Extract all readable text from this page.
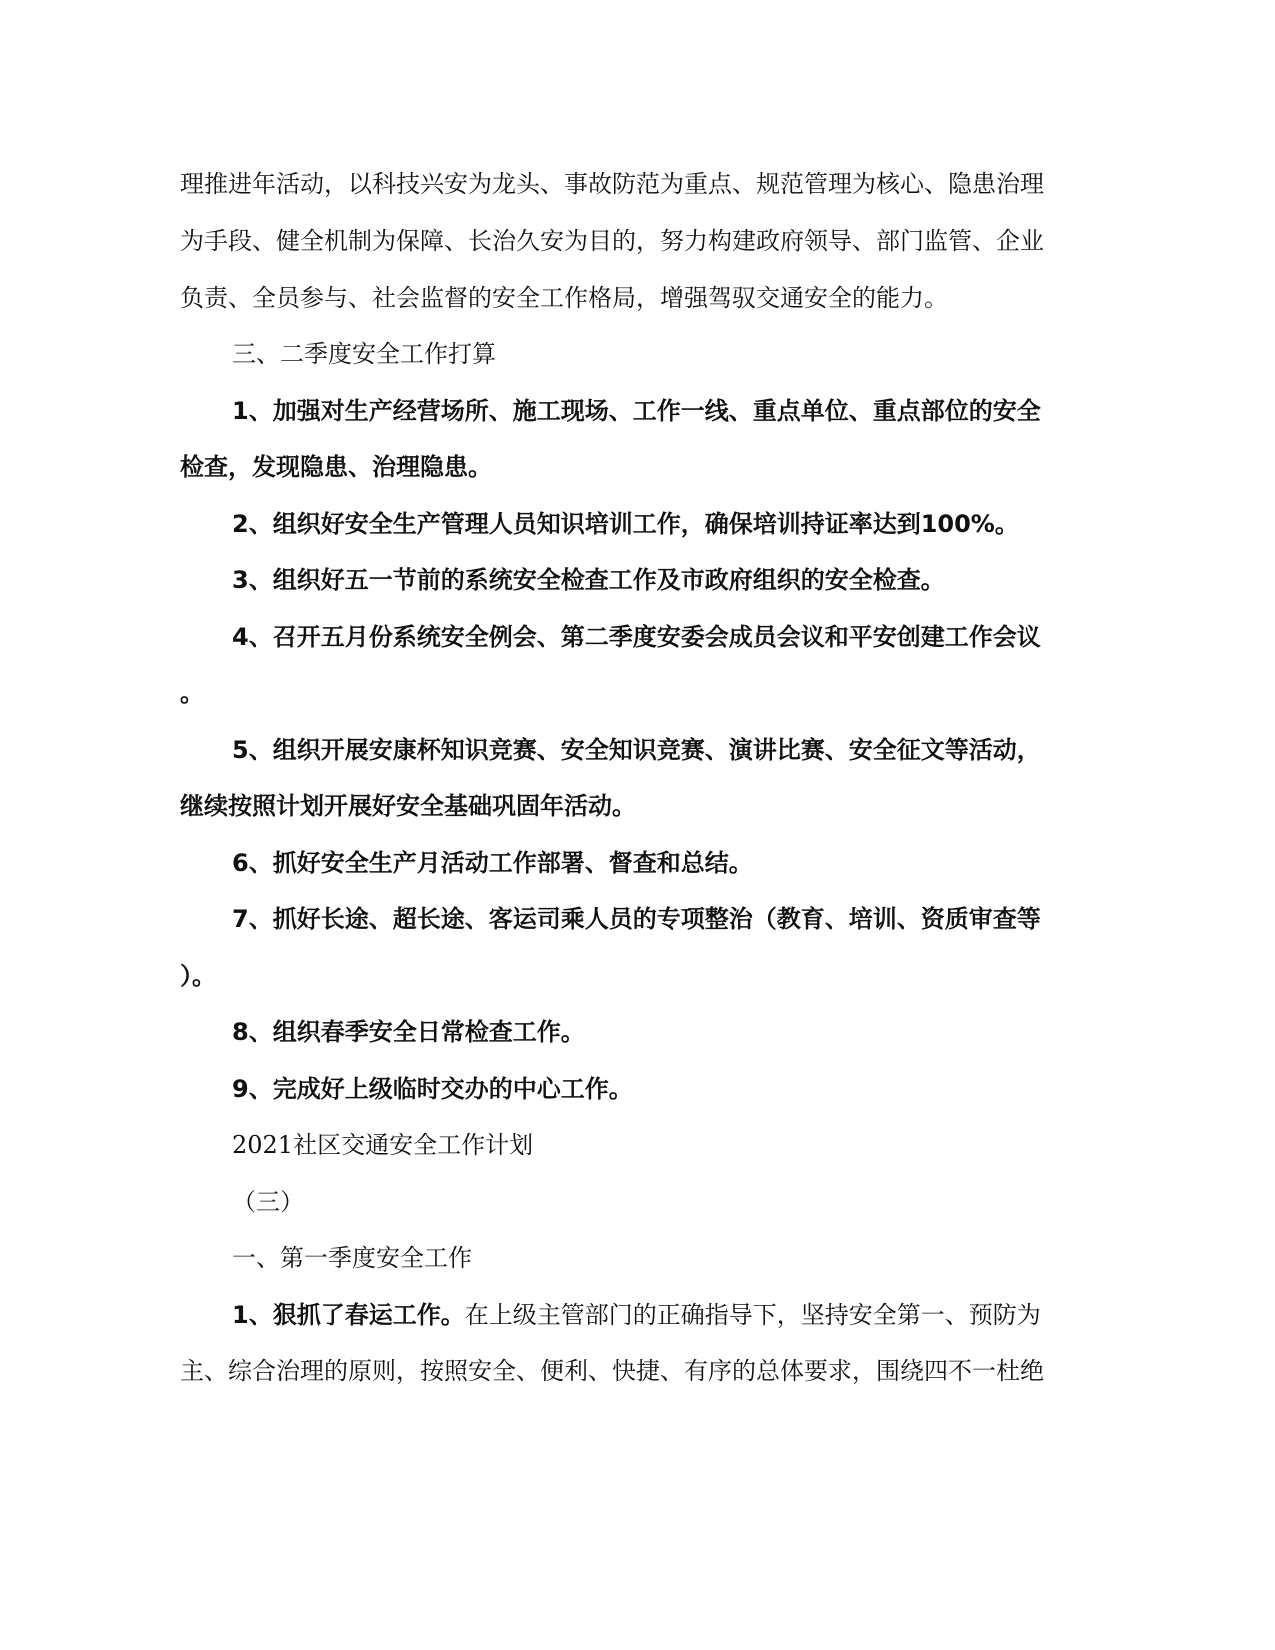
理推进年活动，以科技兴安为龙头、事故防范为重点、规范管理为核心、隐患治理
为手段、健全机制为保障、长治久安为目的，努力构建政府领导、部门监管、企业
负责、全员参与、社会监督的安全工作格局，增强驾驭交通安全的能力。
三、二季度安全工作打算
1、加强对生产经营场所、施工现场、工作一线、重点单位、重点部位的安全
检查，发现隐患、治理隐患。
2、组织好安全生产管理人员知识培训工作，确保培训持证率达到100%。
3、组织好五一节前的系统安全检查工作及市政府组织的安全检查。
4、召开五月份系统安全例会、第二季度安委会成员会议和平安创建工作会议
。
5、组织开展安康杯知识竞赛、安全知识竞赛、演讲比赛、安全征文等活动，
继续按照计划开展好安全基础巩固年活动。
6、抓好安全生产月活动工作部署、督查和总结。
7、抓好长途、超长途、客运司乘人员的专项整治（教育、培训、资质审查等
）。
8、组织春季安全日常检查工作。
9、完成好上级临时交办的中心工作。
2021社区交通安全工作计划
（三）
一、第一季度安全工作
1、狠抓了春运工作。在上级主管部门的正确指导下，坚持安全第一、预防为
主、综合治理的原则，按照安全、便利、快捷、有序的总体要求，围绕四不一杜绝
